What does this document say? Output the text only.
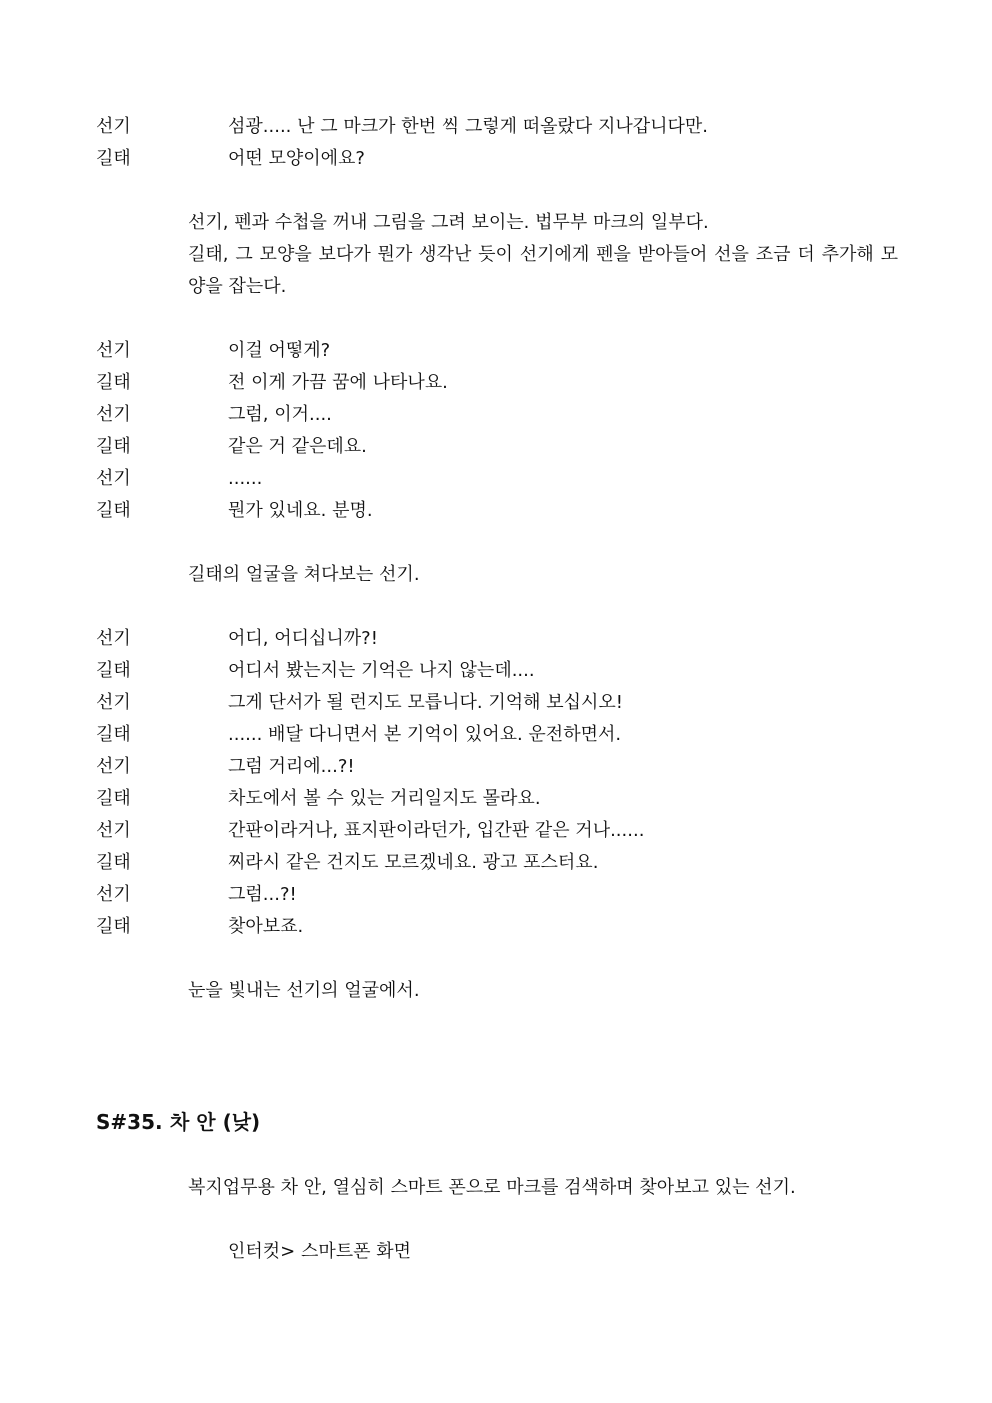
선기	섬광..... 난 그 마크가 한번 씩 그렇게 떠올랐다 지나갑니다만.
길태	어떤 모양이에요?

선기, 펜과 수첩을 꺼내 그림을 그려 보이는. 법무부 마크의 일부다.

길태, 그 모양을 보다가 뭔가 생각난 듯이 선기에게 펜을 받아들어 선을 조금 더 추가해 모양을 잡는다.

선기	이걸 어떻게?
길태	전 이게 가끔 꿈에 나타나요.
선기	그럼, 이거....
길태	같은 거 같은데요.
선기	......
길태	뭔가 있네요. 분명.

길태의 얼굴을 쳐다보는 선기.

선기	어디, 어디십니까?!
길태	어디서 봤는지는 기억은 나지 않는데....
선기	그게 단서가 될 런지도 모릅니다. 기억해 보십시오!
길태	...... 배달 다니면서 본 기억이 있어요. 운전하면서.
선기	그럼 거리에...?!
길태	차도에서 볼 수 있는 거리일지도 몰라요.
선기	간판이라거나, 표지판이라던가, 입간판 같은 거나......
길태	찌라시 같은 건지도 모르겠네요. 광고 포스터요.
선기	그럼...?!
길태	찾아보죠.

눈을 빛내는 선기의 얼굴에서.

S#35. 차 안 (낮)

복지업무용 차 안, 열심히 스마트 폰으로 마크를 검색하며 찾아보고 있는 선기.

인터컷> 스마트폰 화면
